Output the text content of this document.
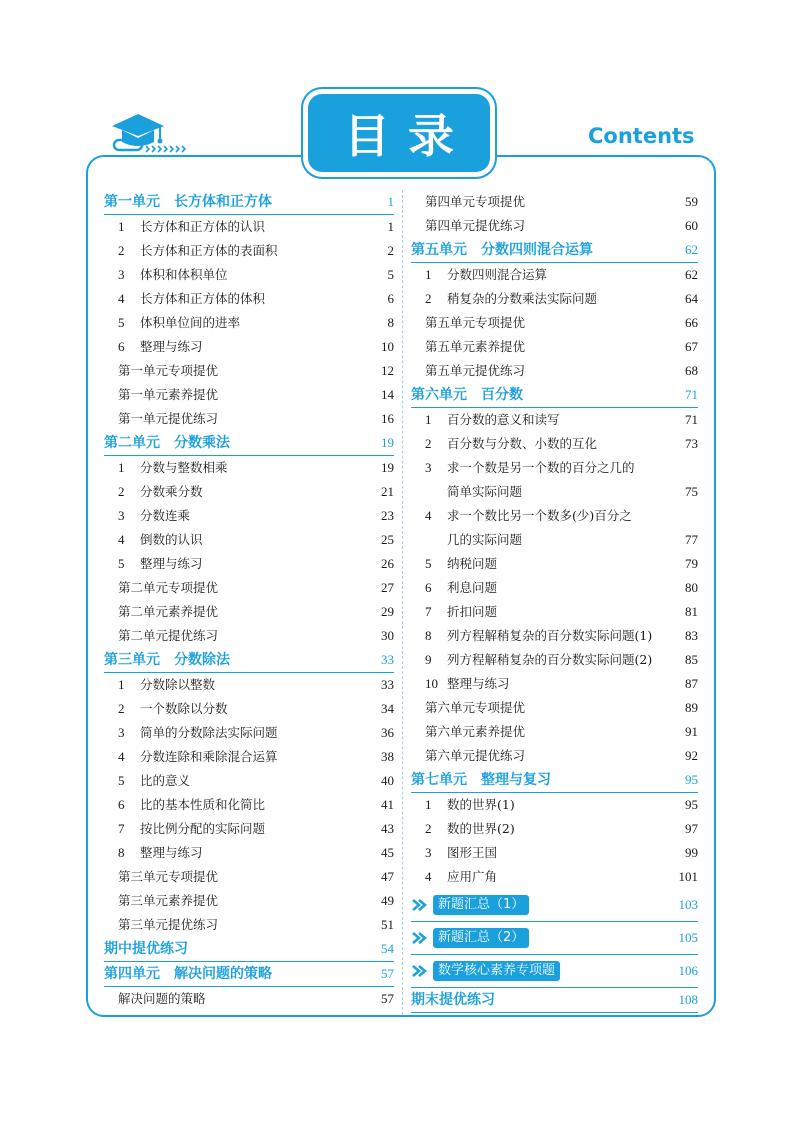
目录	Contents
第一单元　长方体和正方体	1
1 长方体和正方体的认识	1
2 长方体和正方体的表面积	2
3 体积和体积单位	5
4 长方体和正方体的体积	6
5 体积单位间的进率	8
6 整理与练习	10
第一单元专项提优	12
第一单元素养提优	14
第一单元提优练习	16
第二单元　分数乘法	19
1 分数与整数相乘	19
2 分数乘分数	21
3 分数连乘	23
4 倒数的认识	25
5 整理与练习	26
第二单元专项提优	27
第二单元素养提优	29
第二单元提优练习	30
第三单元　分数除法	33
1 分数除以整数	33
2 一个数除以分数	34
3 简单的分数除法实际问题	36
4 分数连除和乘除混合运算	38
5 比的意义	40
6 比的基本性质和化简比	41
7 按比例分配的实际问题	43
8 整理与练习	45
第三单元专项提优	47
第三单元素养提优	49
第三单元提优练习	51
期中提优练习	54
第四单元　解决问题的策略	57
解决问题的策略	57
第四单元专项提优	59
第四单元提优练习	60
第五单元　分数四则混合运算	62
1 分数四则混合运算	62
2 稍复杂的分数乘法实际问题	64
第五单元专项提优	66
第五单元素养提优	67
第五单元提优练习	68
第六单元　百分数	71
1 百分数的意义和读写	71
2 百分数与分数、小数的互化	73
3 求一个数是另一个数的百分之几的
简单实际问题	75
4 求一个数比另一个数多(少)百分之
几的实际问题	77
5 纳税问题	79
6 利息问题	80
7 折扣问题	81
8 列方程解稍复杂的百分数实际问题(1)	83
9 列方程解稍复杂的百分数实际问题(2)	85
10 整理与练习	87
第六单元专项提优	89
第六单元素养提优	91
第六单元提优练习	92
第七单元　整理与复习	95
1 数的世界(1)	95
2 数的世界(2)	97
3 图形王国	99
4 应用广角	101
新题汇总（1）	103
新题汇总（2）	105
数学核心素养专项题	106
期末提优练习	108
